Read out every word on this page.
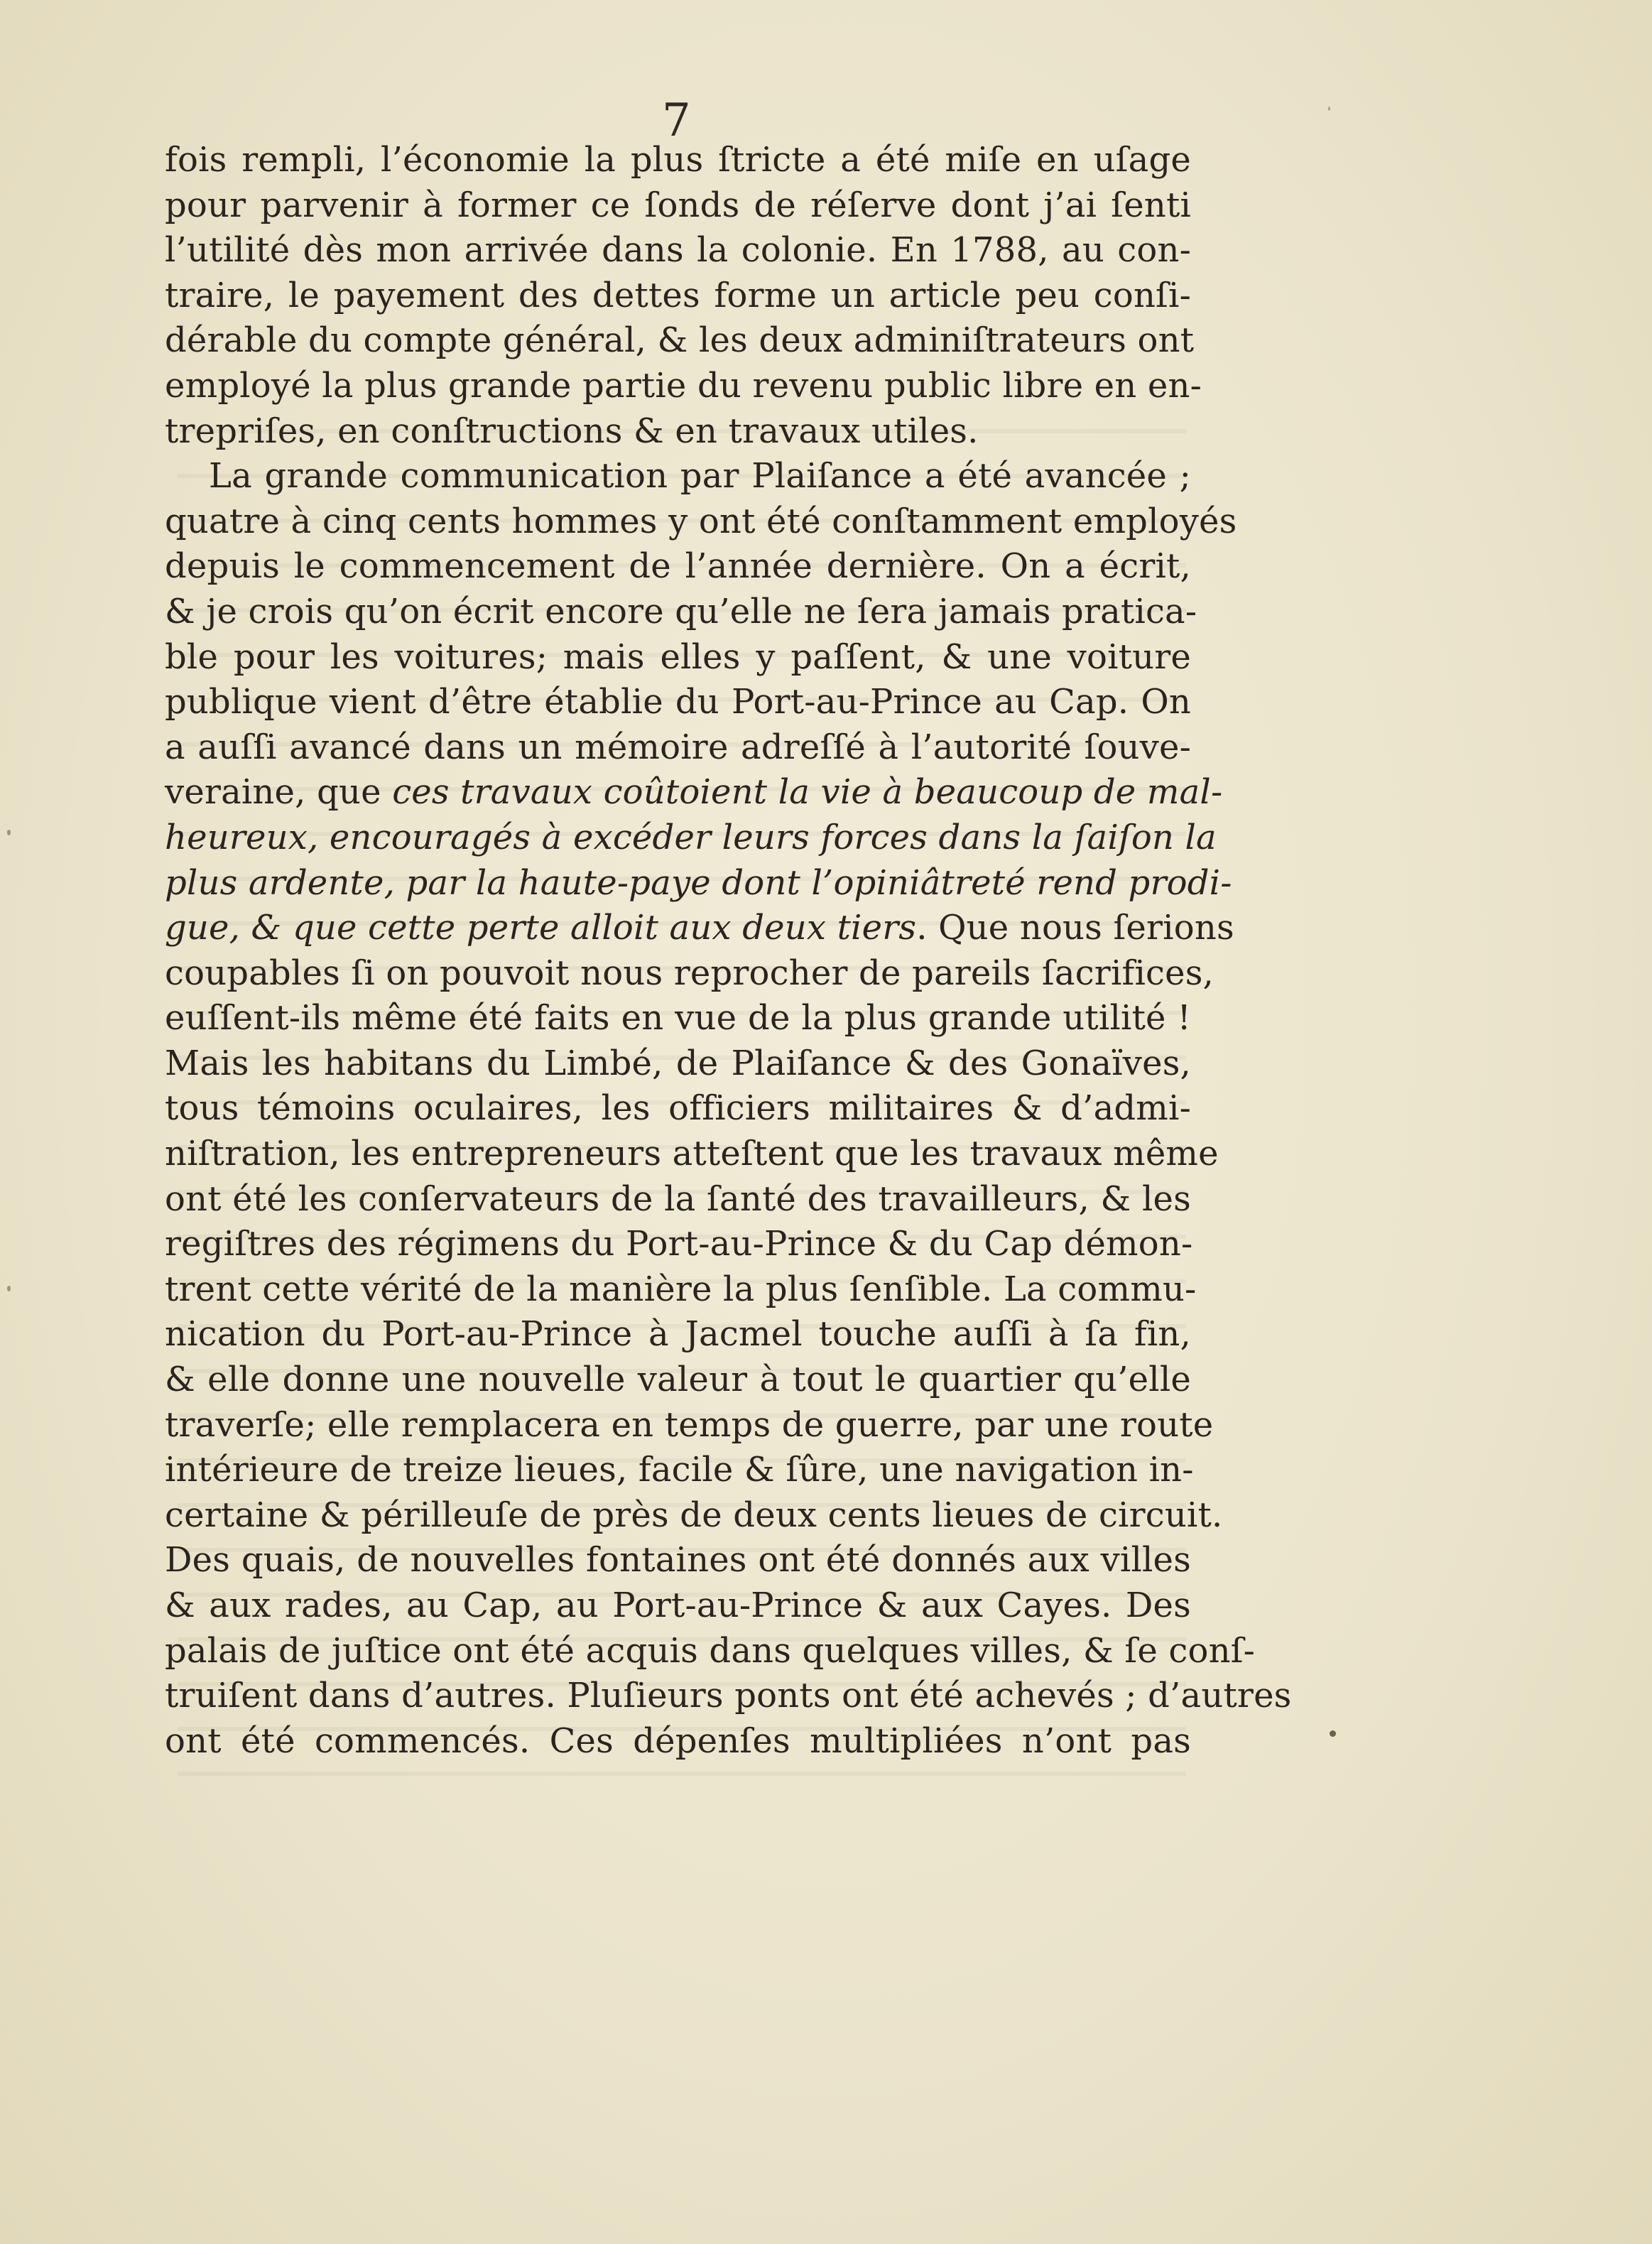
7
fois rempli, l’économie la plus ſtricte a été miſe en uſage
pour parvenir à former ce ſonds de réſerve dont j’ai ſenti
l’utilité dès mon arrivée dans la colonie. En 1788, au con-
traire, le payement des dettes forme un article peu conſi-
dérable du compte général, & les deux adminiſtrateurs ont
employé la plus grande partie du revenu public libre en en-
trepriſes, en conſtructions & en travaux utiles.
La grande communication par Plaiſance a été avancée ;
quatre à cinq cents hommes y ont été conſtamment employés
depuis le commencement de l’année dernière. On a écrit,
& je crois qu’on écrit encore qu’elle ne ſera jamais pratica-
ble pour les voitures; mais elles y paſſent, & une voiture
publique vient d’être établie du Port-au-Prince au Cap. On
a auſſi avancé dans un mémoire adreſſé à l’autorité ſouve-
veraine, que ces travaux coûtoient la vie à beaucoup de mal-
heureux, encouragés à excéder leurs forces dans la ſaiſon la
plus ardente, par la haute-paye dont l’opiniâtreté rend prodi-
gue, & que cette perte alloit aux deux tiers. Que nous ſerions
coupables ſi on pouvoit nous reprocher de pareils ſacrifices,
euſſent-ils même été faits en vue de la plus grande utilité !
Mais les habitans du Limbé, de Plaiſance & des Gonaïves,
tous témoins oculaires, les officiers militaires & d’admi-
niſtration, les entrepreneurs atteſtent que les travaux même
ont été les conſervateurs de la ſanté des travailleurs, & les
regiſtres des régimens du Port-au-Prince & du Cap démon-
trent cette vérité de la manière la plus ſenſible. La commu-
nication du Port-au-Prince à Jacmel touche auſſi à ſa fin,
& elle donne une nouvelle valeur à tout le quartier qu’elle
traverſe; elle remplacera en temps de guerre, par une route
intérieure de treize lieues, facile & ſûre, une navigation in-
certaine & périlleuſe de près de deux cents lieues de circuit.
Des quais, de nouvelles fontaines ont été donnés aux villes
& aux rades, au Cap, au Port-au-Prince & aux Cayes. Des
palais de juſtice ont été acquis dans quelques villes, & ſe conſ-
truiſent dans d’autres. Pluſieurs ponts ont été achevés ; d’autres
ont été commencés. Ces dépenſes multipliées n’ont pas
